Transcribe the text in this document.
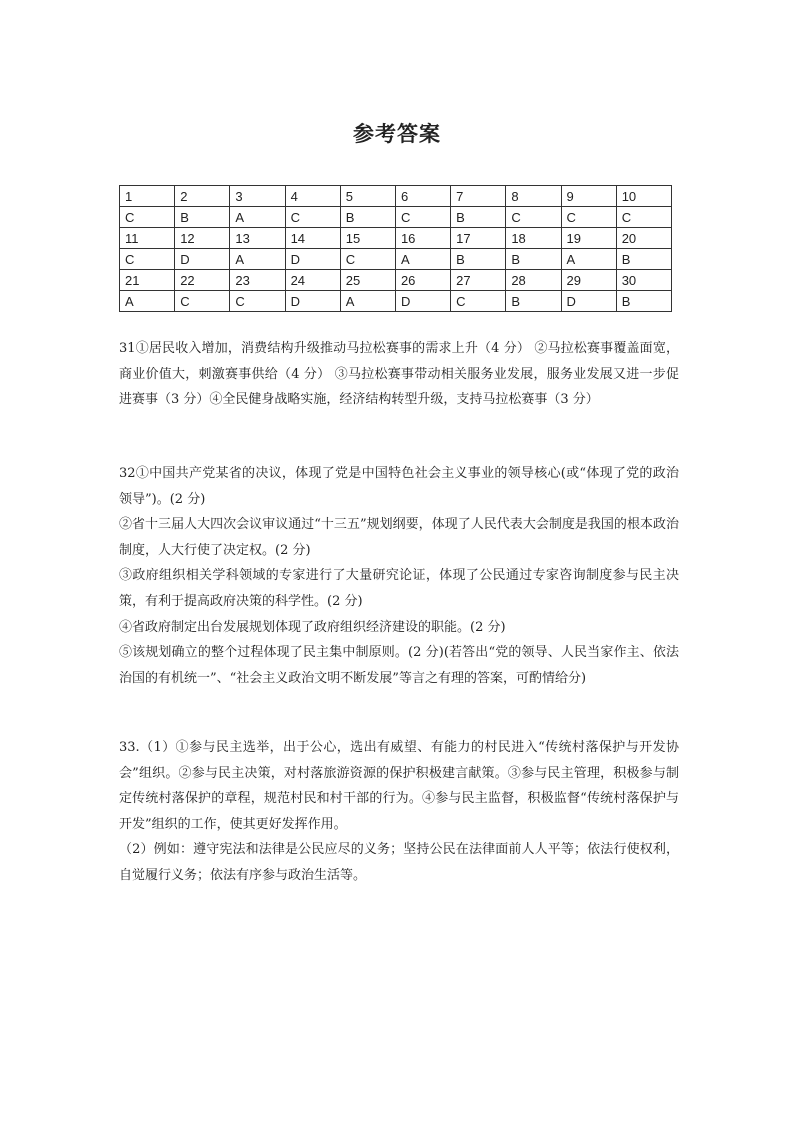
参考答案
1	2	3	4	5	6	7	8	9	10
C	B	A	C	B	C	B	C	C	C
11	12	13	14	15	16	17	18	19	20
C	D	A	D	C	A	B	B	A	B
21	22	23	24	25	26	27	28	29	30
A	C	C	D	A	D	C	B	D	B

31①居民收入增加，消费结构升级推动马拉松赛事的需求上升（4 分） ②马拉松赛事覆盖面宽，商业价值大，刺激赛事供给（4 分） ③马拉松赛事带动相关服务业发展，服务业发展又进一步促进赛事（3 分）④全民健身战略实施，经济结构转型升级，支持马拉松赛事（3 分）

32①中国共产党某省的决议，体现了党是中国特色社会主义事业的领导核心(或“体现了党的政治领导”)。(2 分)

②省十三届人大四次会议审议通过“十三五”规划纲要，体现了人民代表大会制度是我国的根本政治制度，人大行使了决定权。(2 分)

③政府组织相关学科领域的专家进行了大量研究论证，体现了公民通过专家咨询制度参与民主决策，有利于提高政府决策的科学性。(2 分)

④省政府制定出台发展规划体现了政府组织经济建设的职能。(2 分)

⑤该规划确立的整个过程体现了民主集中制原则。(2 分)(若答出“党的领导、人民当家作主、依法治国的有机统一”、“社会主义政治文明不断发展”等言之有理的答案，可酌情给分)

33.（1）①参与民主选举，出于公心，选出有威望、有能力的村民进入“传统村落保护与开发协会”组织。②参与民主决策，对村落旅游资源的保护积极建言献策。③参与民主管理，积极参与制定传统村落保护的章程，规范村民和村干部的行为。④参与民主监督，积极监督“传统村落保护与开发”组织的工作，使其更好发挥作用。

（2）例如：遵守宪法和法律是公民应尽的义务；坚持公民在法律面前人人平等；依法行使权利，自觉履行义务；依法有序参与政治生活等。
